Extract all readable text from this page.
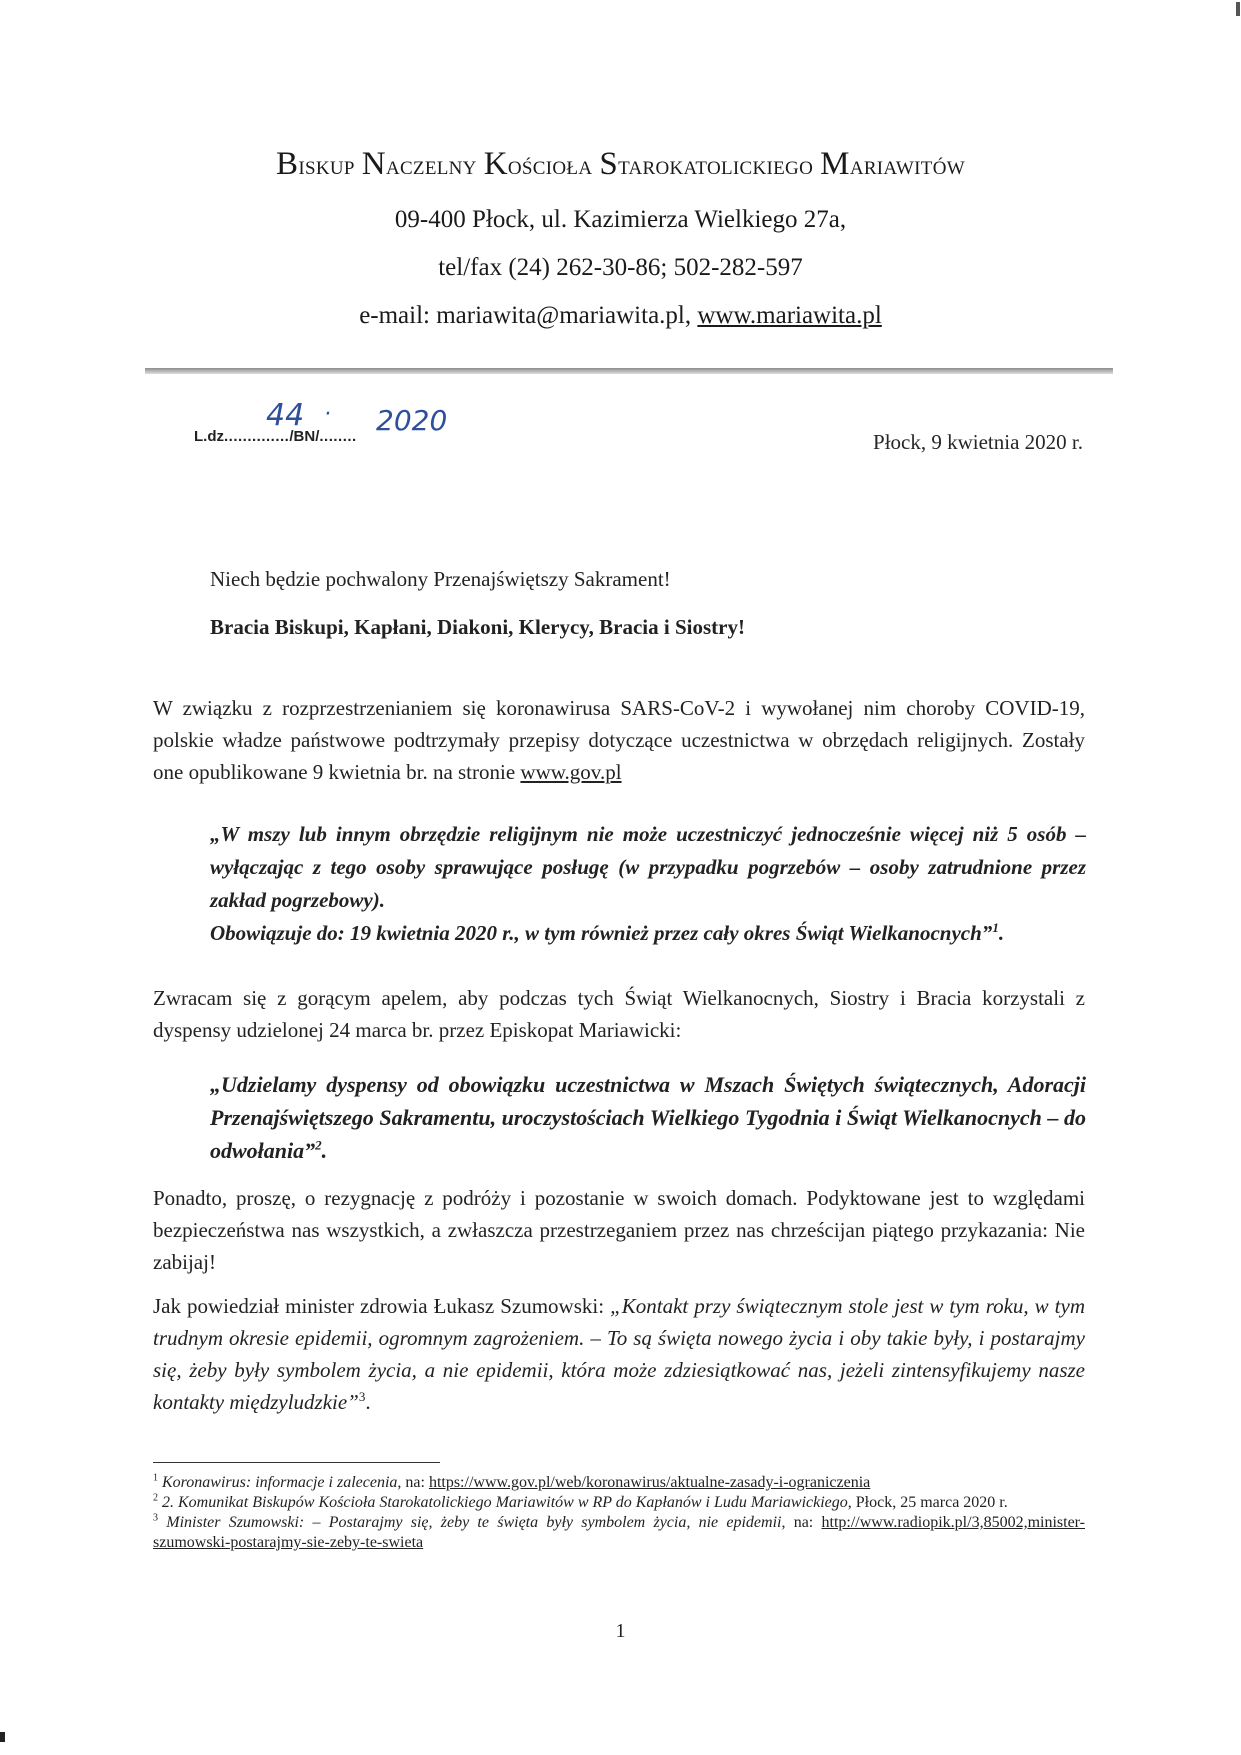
Biskup Naczelny Kościoła Starokatolickiego Mariawitów

09-400 Płock, ul. Kazimierza Wielkiego 27a,

tel/fax (24) 262-30-86; 502-282-597

e-mail: mariawita@mariawita.pl, www.mariawita.pl

L.dz............../BN/........
44 · 2020
Płock, 9 kwietnia 2020 r.
Niech będzie pochwalony Przenajświętszy Sakrament!
Bracia Biskupi, Kapłani, Diakoni, Klerycy, Bracia i Siostry!
W związku z rozprzestrzenianiem się koronawirusa SARS-CoV-2 i wywołanej nim choroby COVID-19, polskie władze państwowe podtrzymały przepisy dotyczące uczestnictwa w obrzędach religijnych. Zostały one opublikowane 9 kwietnia br. na stronie www.gov.pl
„W mszy lub innym obrzędzie religijnym nie może uczestniczyć jednocześnie więcej niż 5 osób – wyłączając z tego osoby sprawujące posługę (w przypadku pogrzebów – osoby zatrudnione przez zakład pogrzebowy).
Obowiązuje do: 19 kwietnia 2020 r., w tym również przez cały okres Świąt Wielkanocnych”$^1$.
Zwracam się z gorącym apelem, aby podczas tych Świąt Wielkanocnych, Siostry i Bracia korzystali z dyspensy udzielonej 24 marca br. przez Episkopat Mariawicki:
„Udzielamy dyspensy od obowiązku uczestnictwa w Mszach Świętych świątecznych, Adoracji Przenajświętszego Sakramentu, uroczystościach Wielkiego Tygodnia i Świąt Wielkanocnych – do odwołania”$^2$.
Ponadto, proszę, o rezygnację z podróży i pozostanie w swoich domach. Podyktowane jest to względami bezpieczeństwa nas wszystkich, a zwłaszcza przestrzeganiem przez nas chrześcijan piątego przykazania: Nie zabijaj!
Jak powiedział minister zdrowia Łukasz Szumowski: „Kontakt przy świątecznym stole jest w tym roku, w tym trudnym okresie epidemii, ogromnym zagrożeniem. – To są święta nowego życia i oby takie były, i postarajmy się, żeby były symbolem życia, a nie epidemii, która może zdziesiątkować nas, jeżeli zintensyfikujemy nasze kontakty międzyludzkie”$^3$.

$^1$ Koronawirus: informacje i zalecenia, na: https://www.gov.pl/web/koronawirus/aktualne-zasady-i-ograniczenia

$^2$ 2. Komunikat Biskupów Kościoła Starokatolickiego Mariawitów w RP do Kapłanów i Ludu Mariawickiego, Płock, 25 marca 2020 r.

$^3$ Minister Szumowski: – Postarajmy się, żeby te święta były symbolem życia, nie epidemii, na: http://www.radiopik.pl/3,85002,minister-szumowski-postarajmy-sie-zeby-te-swieta

1
